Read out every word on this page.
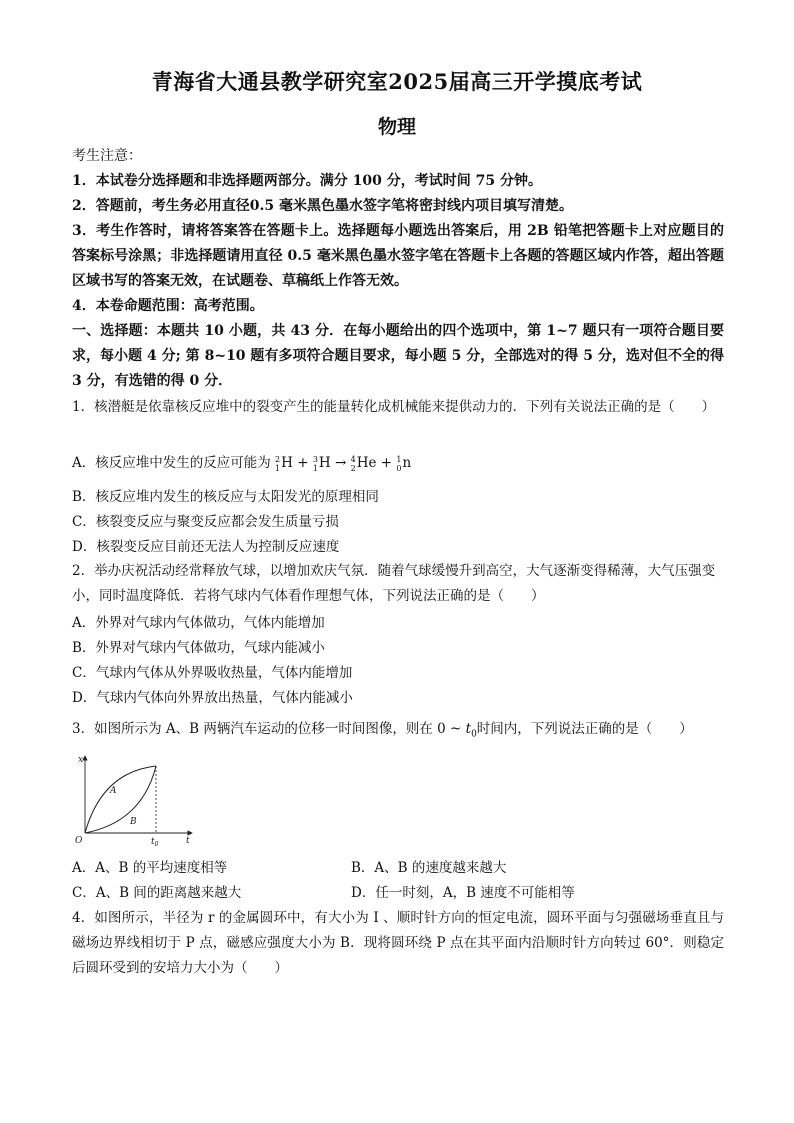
青海省大通县教学研究室2025届高三开学摸底考试
物理
考生注意：
1．本试卷分选择题和非选择题两部分。满分 100 分，考试时间 75 分钟。
2．答题前，考生务必用直径0.5 毫米黑色墨水签字笔将密封线内项目填写清楚。
3．考生作答时，请将答案答在答题卡上。选择题每小题选出答案后，用 2B 铅笔把答题卡上对应题目的答案标号涂黑；非选择题请用直径 0.5 毫米黑色墨水签字笔在答题卡上各题的答题区域内作答，超出答题区域书写的答案无效，在试题卷、草稿纸上作答无效。
4．本卷命题范围：高考范围。
一、选择题：本题共 10 小题，共 43 分．在每小题给出的四个选项中，第 1~7 题只有一项符合题目要求，每小题 4 分; 第 8~10 题有多项符合题目要求，每小题 5 分，全部选对的得 5 分，选对但不全的得 3 分，有选错的得 0 分．
1．核潜艇是依靠核反应堆中的裂变产生的能量转化成机械能来提供动力的．下列有关说法正确的是（　　）
A．核反应堆中发生的反应可能为 2
1 H + 3
1 H → 4
2 He + 1
0 n
B．核反应堆内发生的核反应与太阳发光的原理相同
C．核裂变反应与聚变反应都会发生质量亏损
D．核裂变反应目前还无法人为控制反应速度
2．举办庆祝活动经常释放气球，以增加欢庆气氛．随着气球缓慢升到高空，大气逐渐变得稀薄，大气压强变小，同时温度降低．若将气球内气体看作理想气体，下列说法正确的是（　　）
A．外界对气球内气体做功，气体内能增加
B．外界对气球内气体做功，气球内能减小
C．气球内气体从外界吸收热量，气体内能增加
D．气球内气体向外界放出热量，气体内能减小
3．如图所示为 A、B 两辆汽车运动的位移一时间图像，则在 0 ~ $t_0$时间内，下列说法正确的是（　　）
x
t
O	$t_0$
A
B
A．A、B 的平均速度相等	B．A、B 的速度越来越大
C．A、B 间的距离越来越大	D．任一时刻，A，B 速度不可能相等
4．如图所示，半径为 r 的金属圆环中，有大小为 I 、顺时针方向的恒定电流，圆环平面与匀强磁场垂直且与磁场边界线相切于 P 点，磁感应强度大小为 B．现将圆环绕 P 点在其平面内沿顺时针方向转过 60°．则稳定后圆环受到的安培力大小为（　　）
